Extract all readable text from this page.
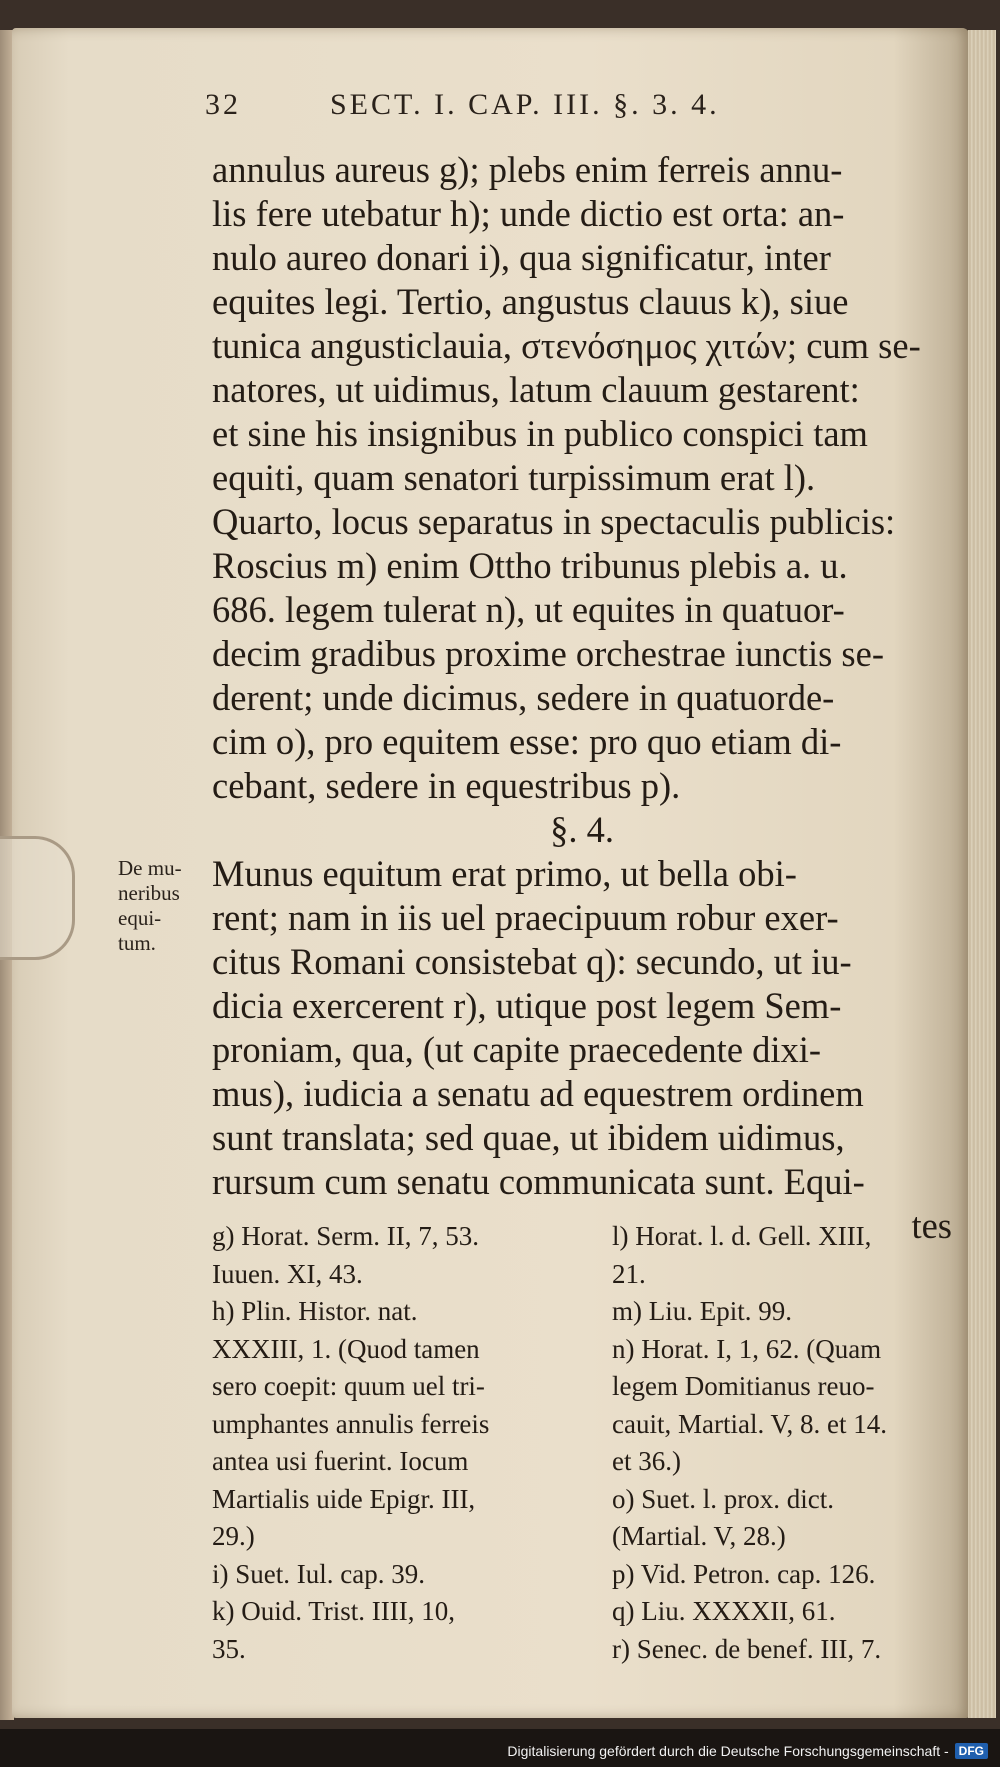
32	SECT. I. CAP. III. §. 3. 4.
annulus aureus g); plebs enim ferreis annu-
lis fere utebatur h); unde dictio est orta: an-
nulo aureo donari i), qua significatur, inter
equites legi. Tertio, angustus clauus k), siue
tunica angusticlauia, στενόσημος χιτών; cum se-
natores, ut uidimus, latum clauum gestarent:
et sine his insignibus in publico conspici tam
equiti, quam senatori turpissimum erat l).
Quarto, locus separatus in spectaculis publicis:
Roscius m) enim Ottho tribunus plebis a. u.
686. legem tulerat n), ut equites in quatuor-
decim gradibus proxime orchestrae iunctis se-
derent; unde dicimus, sedere in quatuorde-
cim o), pro equitem esse: pro quo etiam di-
cebant, sedere in equestribus p).
§. 4.
Munus equitum erat primo, ut bella obi-
rent; nam in iis uel praecipuum robur exer-
citus Romani consistebat q): secundo, ut iu-
dicia exercerent r), utique post legem Sem-
proniam, qua, (ut capite praecedente dixi-
mus), iudicia a senatu ad equestrem ordinem
sunt translata; sed quae, ut ibidem uidimus,
rursum cum senatu communicata sunt. Equi-
tes
De mu-
neribus
equi-
tum.
g) Horat. Serm. II, 7, 53.
Iuuen. XI, 43.
h) Plin. Histor. nat.
XXXIII, 1. (Quod tamen
sero coepit: quum uel tri-
umphantes annulis ferreis
antea usi fuerint. Iocum
Martialis uide Epigr. III,
29.)
i) Suet. Iul. cap. 39.
k) Ouid. Trist. IIII, 10,
35.
l) Horat. l. d. Gell. XIII,
21.
m) Liu. Epit. 99.
n) Horat. I, 1, 62. (Quam
legem Domitianus reuo-
cauit, Martial. V, 8. et 14.
et 36.)
o) Suet. l. prox. dict.
(Martial. V, 28.)
p) Vid. Petron. cap. 126.
q) Liu. XXXXII, 61.
r) Senec. de benef. III, 7.
Digitalisierung gefördert durch die Deutsche Forschungsgemeinschaft - DFG
